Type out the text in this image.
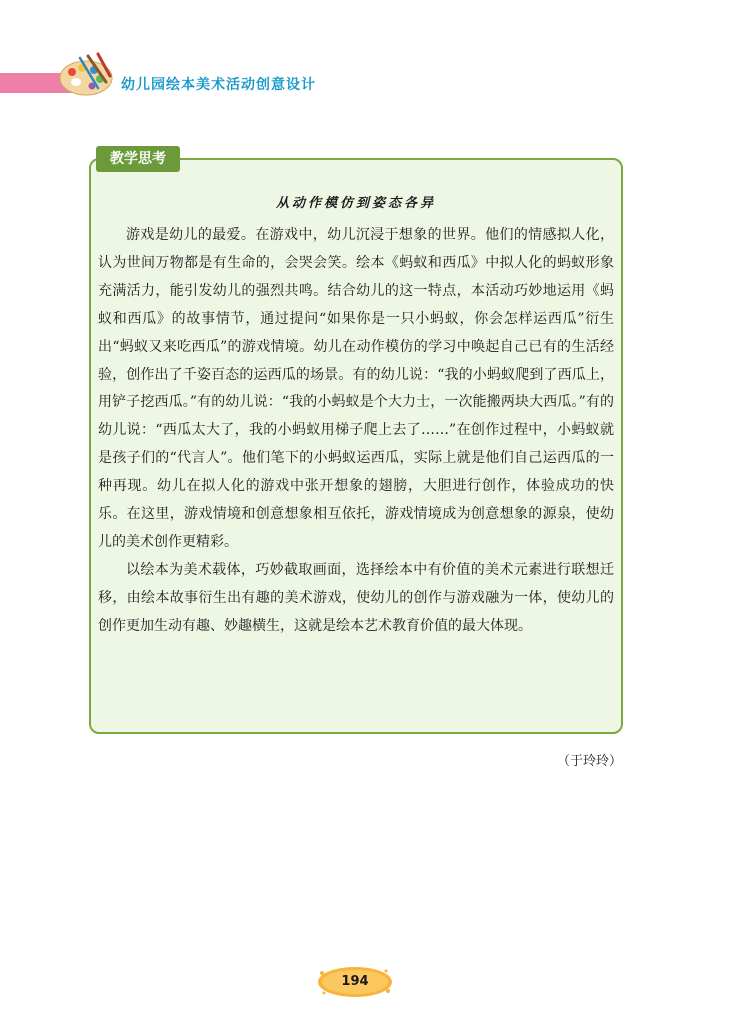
幼儿园绘本美术活动创意设计
教学思考
从动作模仿到姿态各异

游戏是幼儿的最爱。在游戏中，幼儿沉浸于想象的世界。他们的情感拟人化，认为世间万物都是有生命的，会哭会笑。绘本《蚂蚁和西瓜》中拟人化的蚂蚁形象充满活力，能引发幼儿的强烈共鸣。结合幼儿的这一特点，本活动巧妙地运用《蚂蚁和西瓜》的故事情节，通过提问“如果你是一只小蚂蚁，你会怎样运西瓜”衍生出“蚂蚁又来吃西瓜”的游戏情境。幼儿在动作模仿的学习中唤起自己已有的生活经验，创作出了千姿百态的运西瓜的场景。有的幼儿说：“我的小蚂蚁爬到了西瓜上，用铲子挖西瓜。”有的幼儿说：“我的小蚂蚁是个大力士，一次能搬两块大西瓜。”有的幼儿说：“西瓜太大了，我的小蚂蚁用梯子爬上去了……”在创作过程中，小蚂蚁就是孩子们的“代言人”。他们笔下的小蚂蚁运西瓜，实际上就是他们自己运西瓜的一种再现。幼儿在拟人化的游戏中张开想象的翅膀，大胆进行创作，体验成功的快乐。在这里，游戏情境和创意想象相互依托，游戏情境成为创意想象的源泉，使幼儿的美术创作更精彩。

以绘本为美术载体，巧妙截取画面，选择绘本中有价值的美术元素进行联想迁移，由绘本故事衍生出有趣的美术游戏，使幼儿的创作与游戏融为一体，使幼儿的创作更加生动有趣、妙趣横生，这就是绘本艺术教育价值的最大体现。

（于玲玲）
194
